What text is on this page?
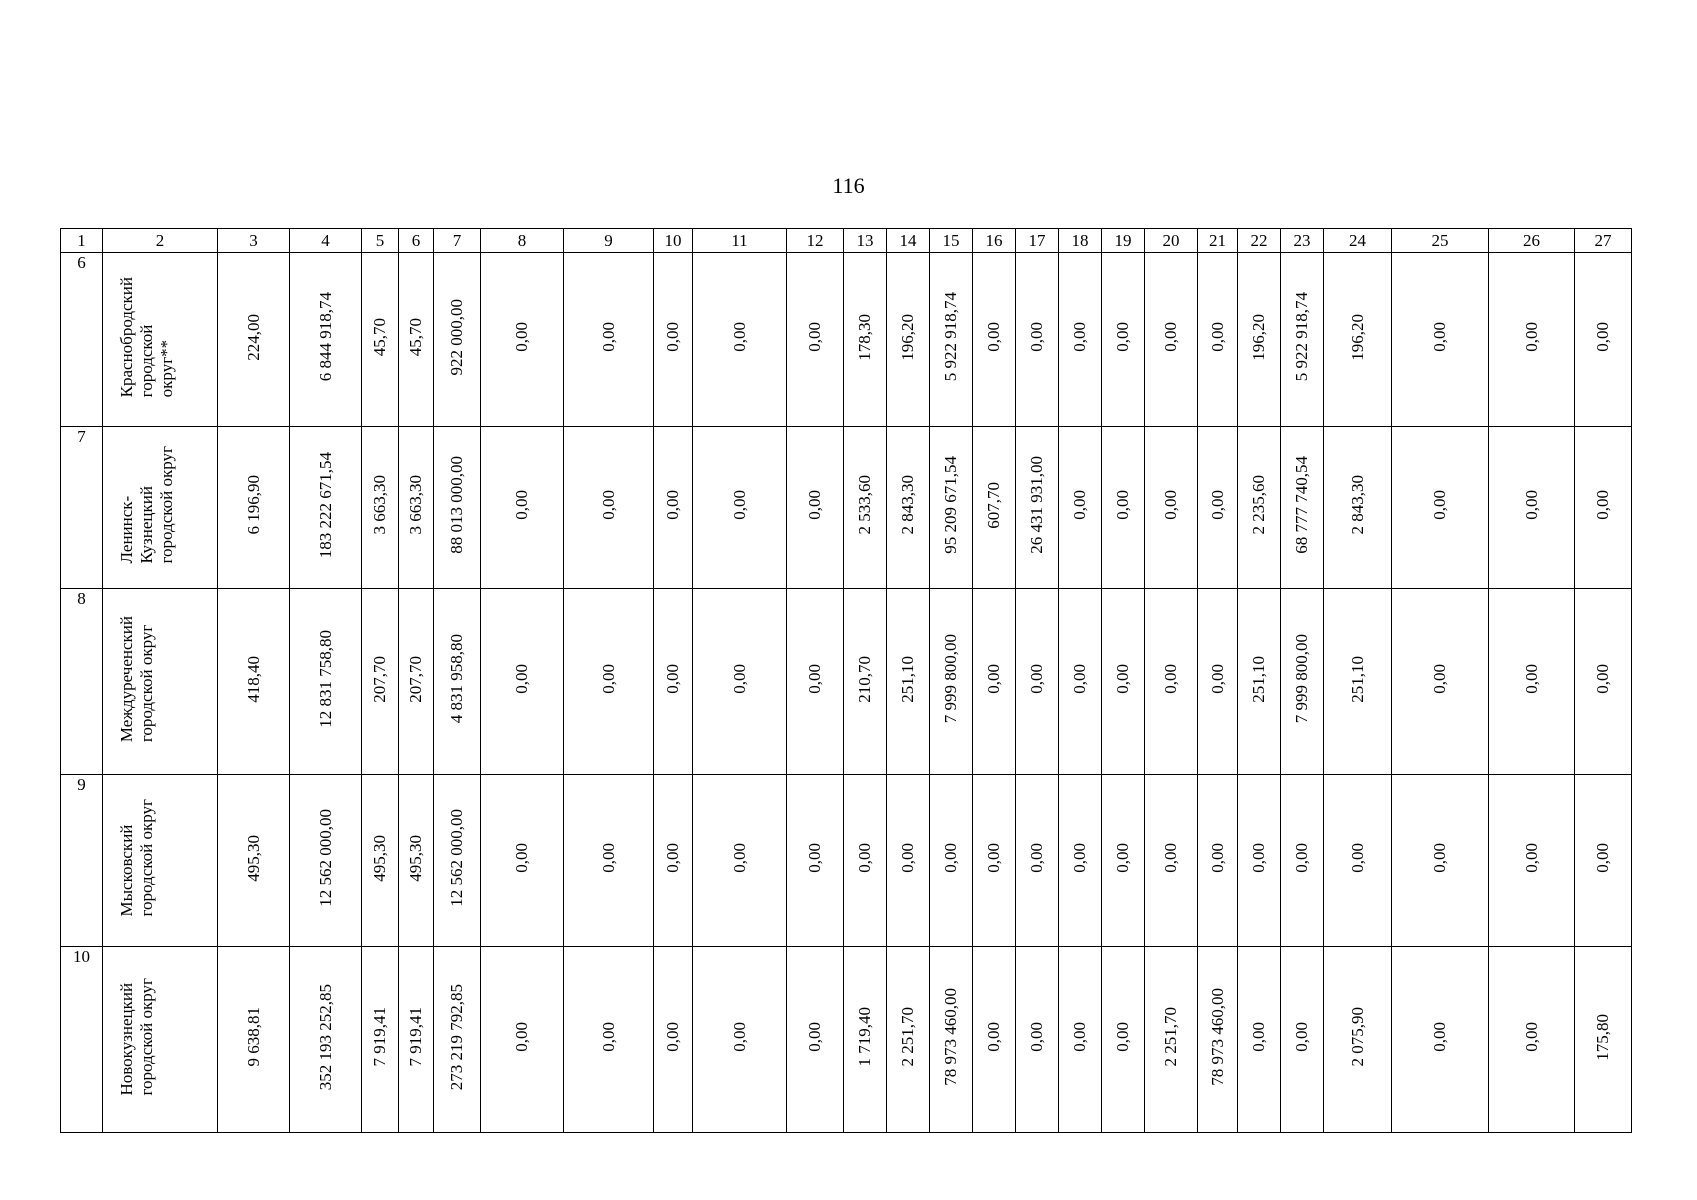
116
1	2	3	4	5	6	7	8	9	10	11	12	13	14	15	16	17	18	19	20	21	22	23	24	25	26	27
6	Краснобродский
городской
округ**	224,00	6 844 918,74	45,70	45,70	922 000,00	0,00	0,00	0,00	0,00	0,00	178,30	196,20	5 922 918,74	0,00	0,00	0,00	0,00	0,00	0,00	196,20	5 922 918,74	196,20	0,00	0,00	0,00
7	Ленинск-
Кузнецкий
городской округ	6 196,90	183 222 671,54	3 663,30	3 663,30	88 013 000,00	0,00	0,00	0,00	0,00	0,00	2 533,60	2 843,30	95 209 671,54	607,70	26 431 931,00	0,00	0,00	0,00	0,00	2 235,60	68 777 740,54	2 843,30	0,00	0,00	0,00
8	Междуреченский
городской округ	418,40	12 831 758,80	207,70	207,70	4 831 958,80	0,00	0,00	0,00	0,00	0,00	210,70	251,10	7 999 800,00	0,00	0,00	0,00	0,00	0,00	0,00	251,10	7 999 800,00	251,10	0,00	0,00	0,00
9	Мысковский
городской округ	495,30	12 562 000,00	495,30	495,30	12 562 000,00	0,00	0,00	0,00	0,00	0,00	0,00	0,00	0,00	0,00	0,00	0,00	0,00	0,00	0,00	0,00	0,00	0,00	0,00	0,00	0,00
10	Новокузнецкий
городской округ	9 638,81	352 193 252,85	7 919,41	7 919,41	273 219 792,85	0,00	0,00	0,00	0,00	0,00	1 719,40	2 251,70	78 973 460,00	0,00	0,00	0,00	0,00	2 251,70	78 973 460,00	0,00	0,00	2 075,90	0,00	0,00	175,80
